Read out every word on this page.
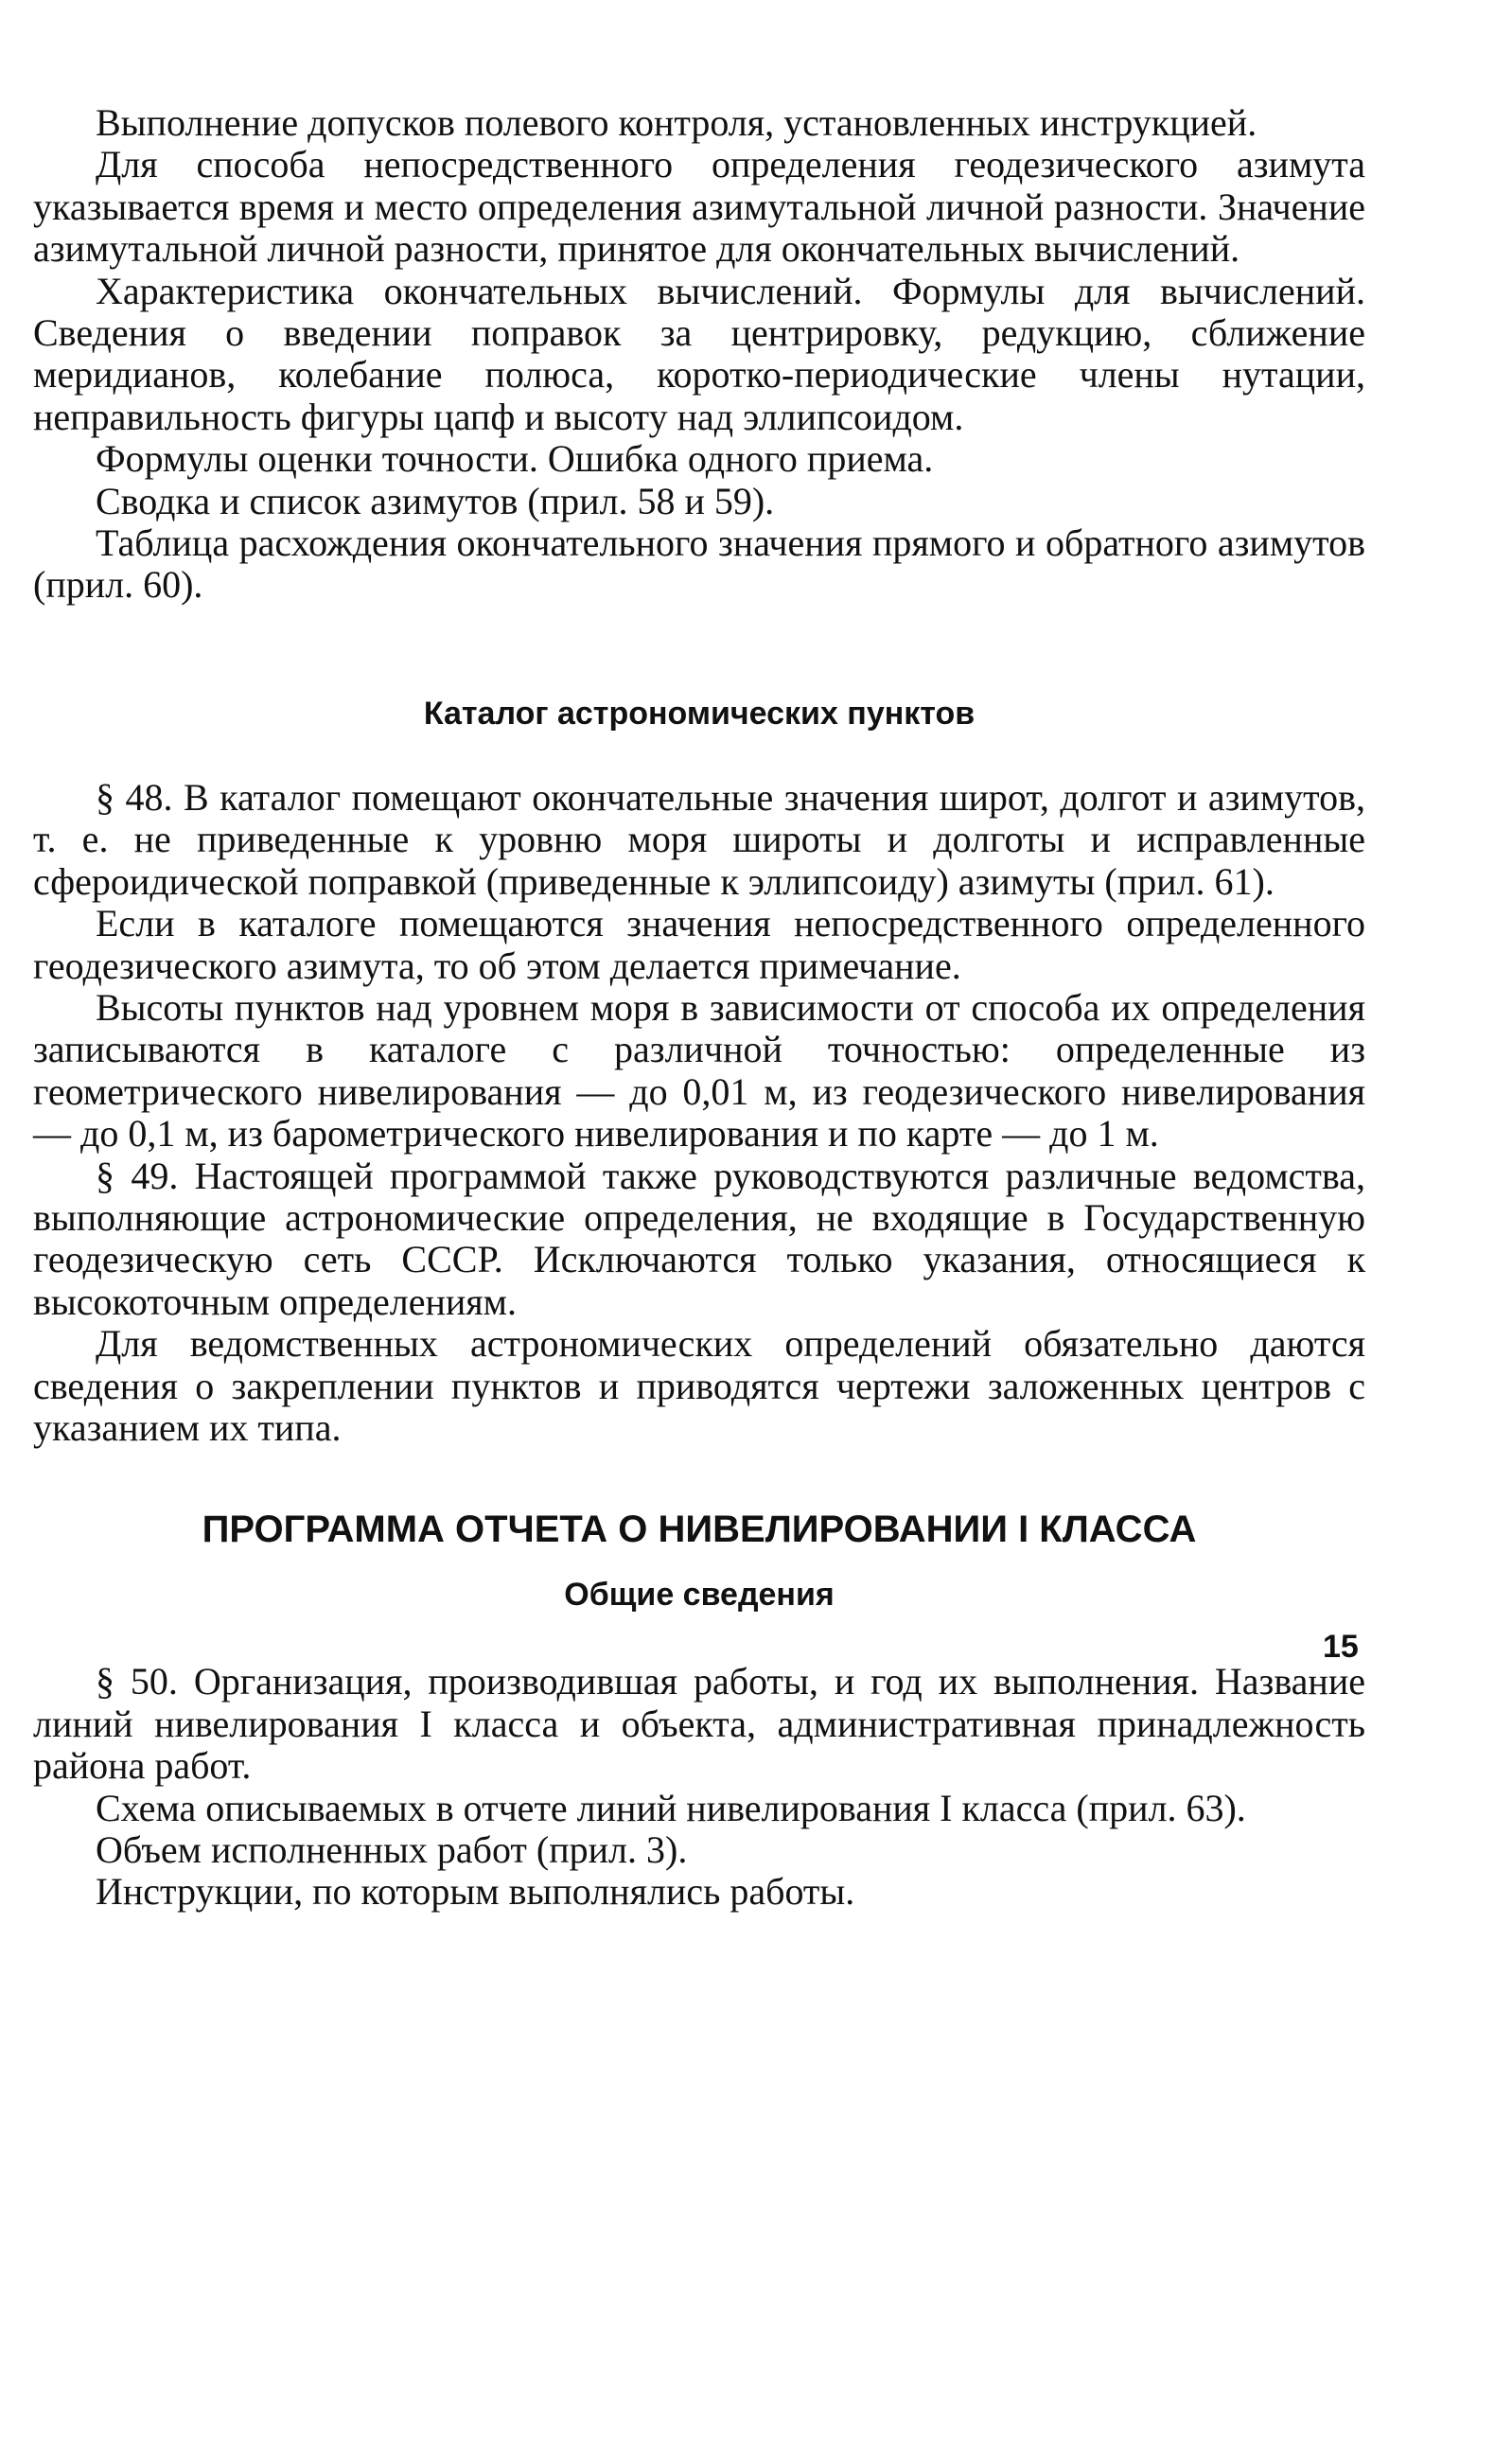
Выполнение допусков полевого контроля, установленных инструкцией.

Для способа непосредственного определения геодезического азимута указывается время и место определения азимутальной личной разности. Значение азимутальной личной разности, принятое для окончательных вычислений.

Характеристика окончательных вычислений. Формулы для вычислений. Сведения о введении поправок за центрировку, редукцию, сближение меридианов, колебание полюса, коротко-периодические члены нутации, неправильность фигуры цапф и высоту над эллипсоидом.

Формулы оценки точности. Ошибка одного приема.

Сводка и список азимутов (прил. 58 и 59).

Таблица расхождения окончательного значения прямого и обратного азимутов (прил. 60).

Каталог астрономических пунктов

§ 48. В каталог помещают окончательные значения широт, долгот и азимутов, т. е. не приведенные к уровню моря широты и долготы и исправленные сфероидической поправкой (приведенные к эллипсоиду) азимуты (прил. 61).

Если в каталоге помещаются значения непосредственного определенного геодезического азимута, то об этом делается примечание.

Высоты пунктов над уровнем моря в зависимости от способа их определения записываются в каталоге с различной точностью: определенные из геометрического нивелирования — до 0,01 м, из геодезического нивелирования — до 0,1 м, из барометрического нивелирования и по карте — до 1 м.

§ 49. Настоящей программой также руководствуются различные ведомства, выполняющие астрономические определения, не входящие в Государственную геодезическую сеть СССР. Исключаются только указания, относящиеся к высокоточным определениям.

Для ведомственных астрономических определений обязательно даются сведения о закреплении пунктов и приводятся чертежи заложенных центров с указанием их типа.

ПРОГРАММА ОТЧЕТА О НИВЕЛИРОВАНИИ I КЛАССА
Общие сведения

§ 50. Организация, производившая работы, и год их выполнения. Название линий нивелирования I класса и объекта, административная принадлежность района работ.

Схема описываемых в отчете линий нивелирования I класса (прил. 63).

Объем исполненных работ (прил. 3).

Инструкции, по которым выполнялись работы.

15
